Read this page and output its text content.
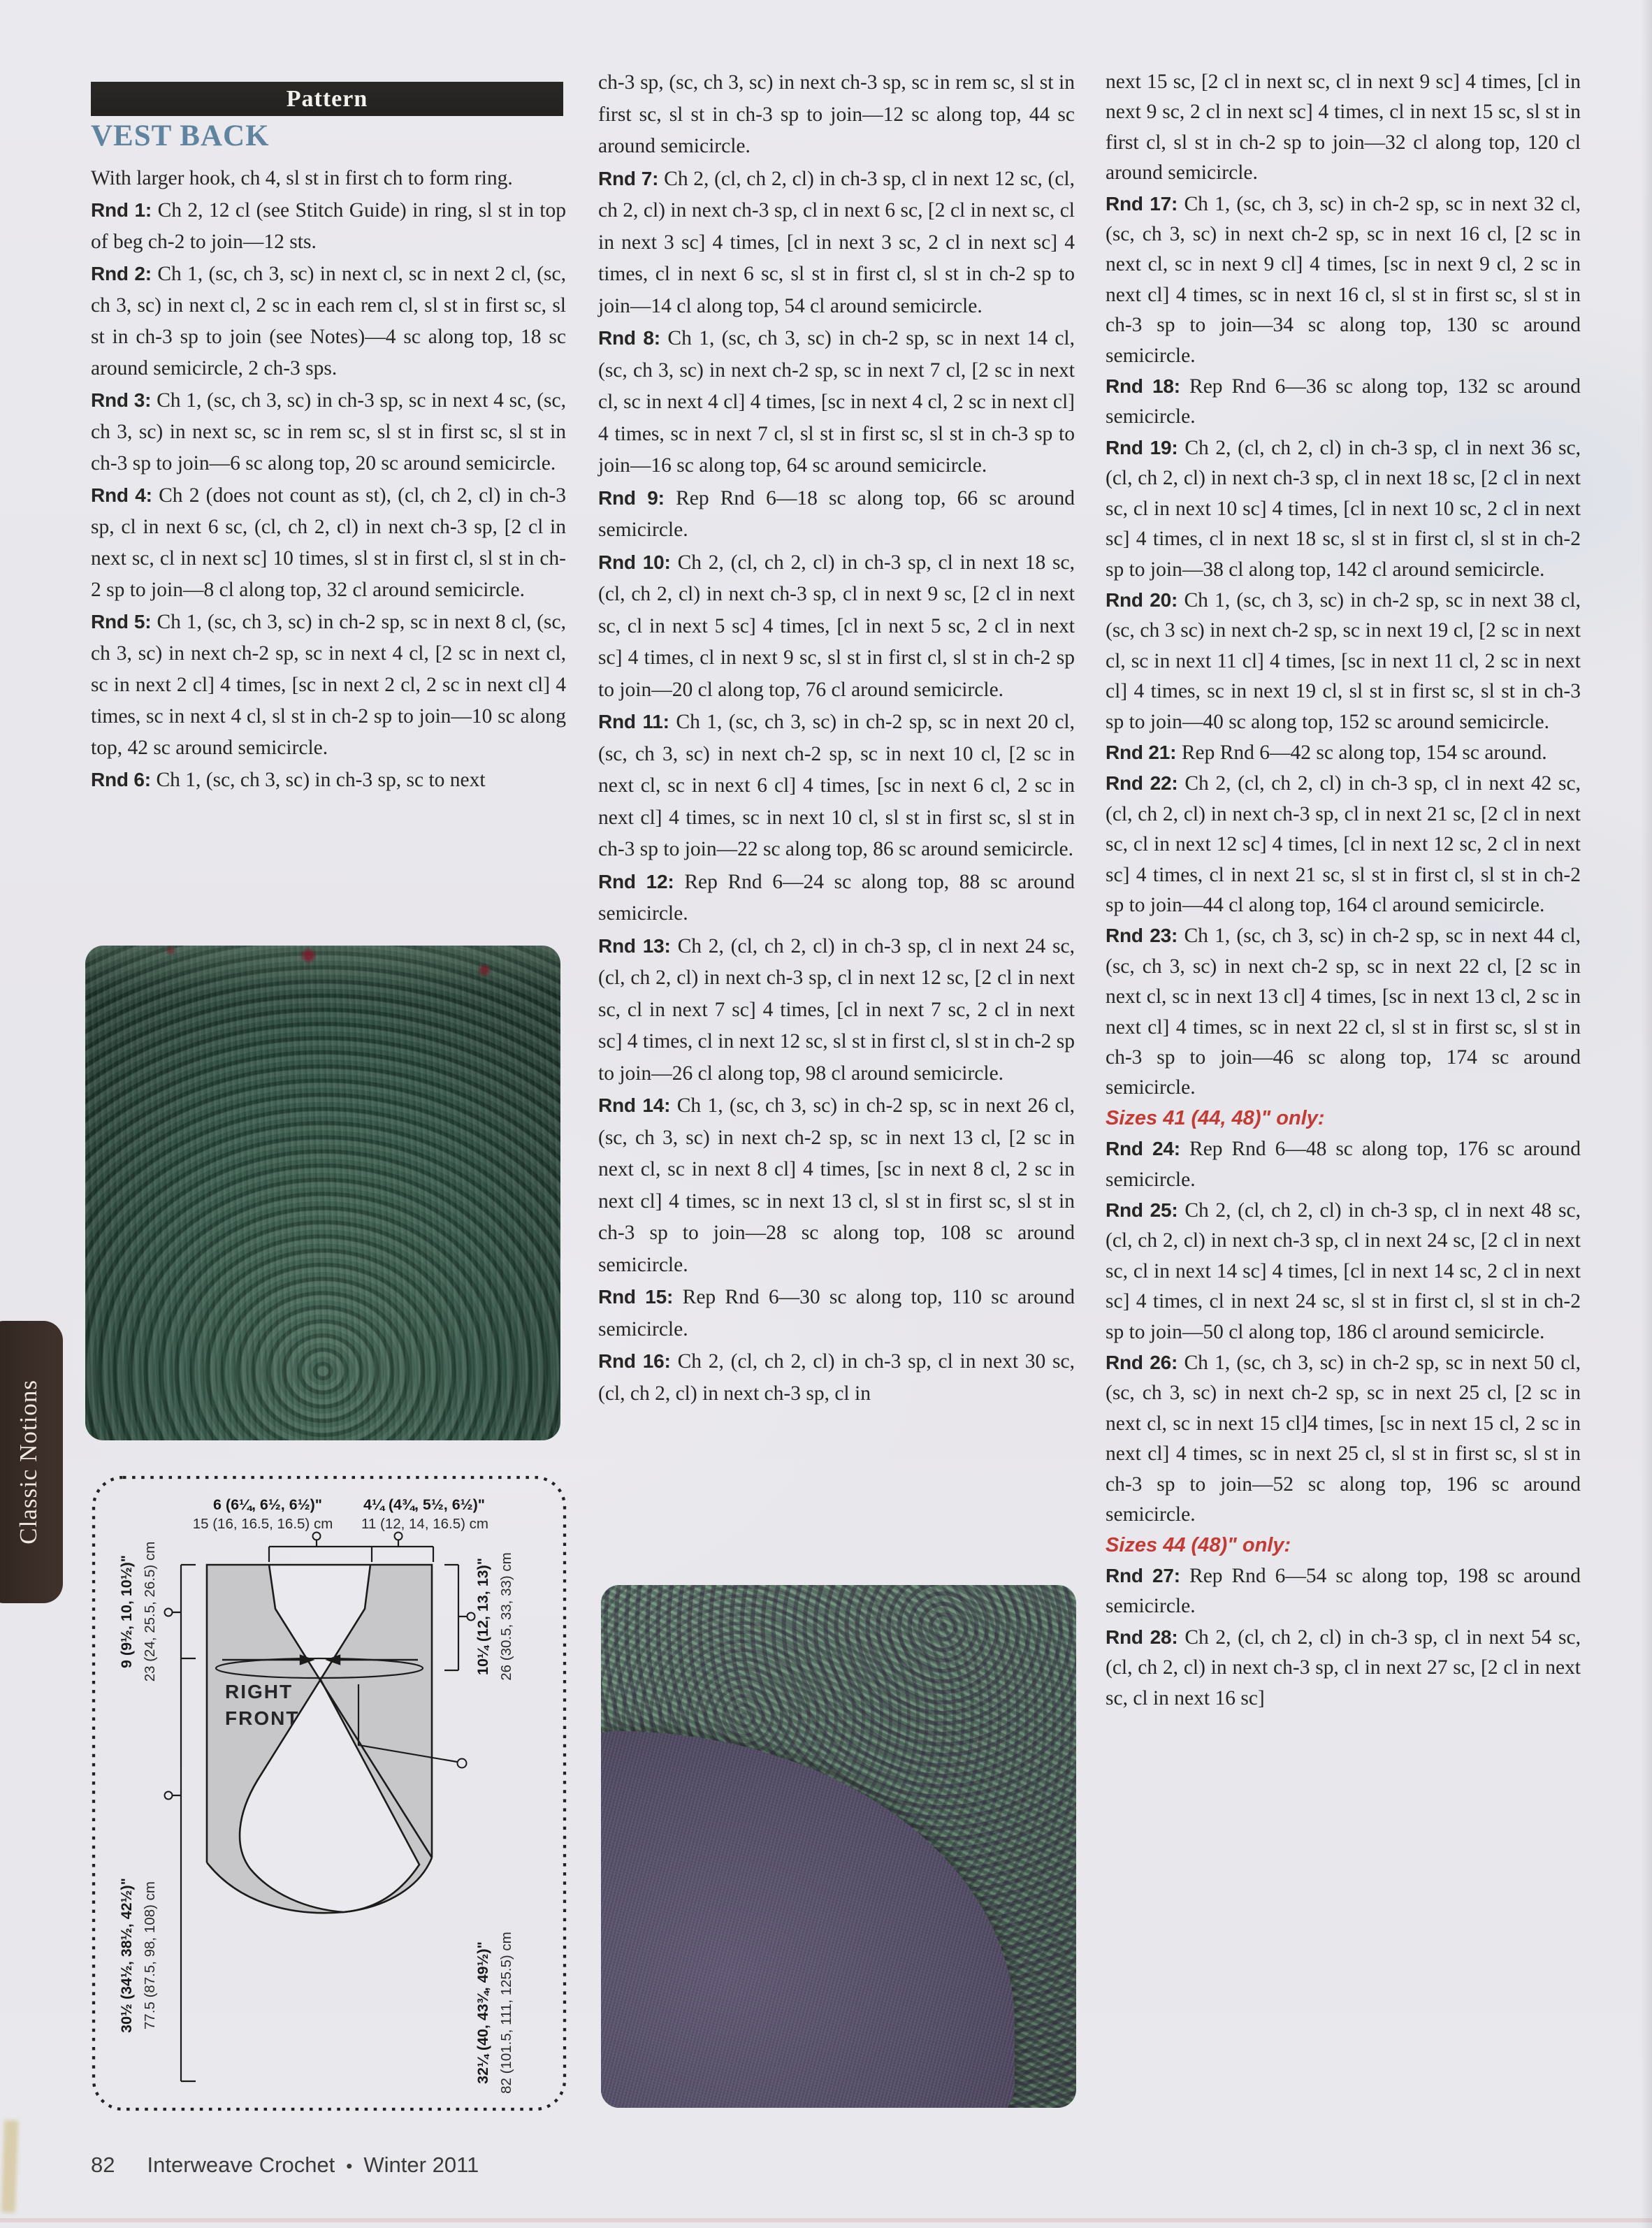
Classic Notions
Pattern
VEST BACK

With larger hook, ch 4, sl st in first ch to form ring.

Rnd 1: Ch 2, 12 cl (see Stitch Guide) in ring, sl st in top of beg ch-2 to join—12 sts.

Rnd 2: Ch 1, (sc, ch 3, sc) in next cl, sc in next 2 cl, (sc, ch 3, sc) in next cl, 2 sc in each rem cl, sl st in first sc, sl st in ch-3 sp to join (see Notes)—4 sc along top, 18 sc around semicircle, 2 ch-3 sps.

Rnd 3: Ch 1, (sc, ch 3, sc) in ch-3 sp, sc in next 4 sc, (sc, ch 3, sc) in next sc, sc in rem sc, sl st in first sc, sl st in ch-3 sp to join—6 sc along top, 20 sc around semicircle.

Rnd 4: Ch 2 (does not count as st), (cl, ch 2, cl) in ch-3 sp, cl in next 6 sc, (cl, ch 2, cl) in next ch-3 sp, [2 cl in next sc, cl in next sc] 10 times, sl st in first cl, sl st in ch-2 sp to join—8 cl along top, 32 cl around semicircle.

Rnd 5: Ch 1, (sc, ch 3, sc) in ch-2 sp, sc in next 8 cl, (sc, ch 3, sc) in next ch-2 sp, sc in next 4 cl, [2 sc in next cl, sc in next 2 cl] 4 times, [sc in next 2 cl, 2 sc in next cl] 4 times, sc in next 4 cl, sl st in ch-2 sp to join—10 sc along top, 42 sc around semicircle.

Rnd 6: Ch 1, (sc, ch 3, sc) in ch-3 sp, sc to next

ch-3 sp, (sc, ch 3, sc) in next ch-3 sp, sc in rem sc, sl st in first sc, sl st in ch-3 sp to join—12 sc along top, 44 sc around semicircle.

Rnd 7: Ch 2, (cl, ch 2, cl) in ch-3 sp, cl in next 12 sc, (cl, ch 2, cl) in next ch-3 sp, cl in next 6 sc, [2 cl in next sc, cl in next 3 sc] 4 times, [cl in next 3 sc, 2 cl in next sc] 4 times, cl in next 6 sc, sl st in first cl, sl st in ch-2 sp to join—14 cl along top, 54 cl around semicircle.

Rnd 8: Ch 1, (sc, ch 3, sc) in ch-2 sp, sc in next 14 cl, (sc, ch 3, sc) in next ch-2 sp, sc in next 7 cl, [2 sc in next cl, sc in next 4 cl] 4 times, [sc in next 4 cl, 2 sc in next cl] 4 times, sc in next 7 cl, sl st in first sc, sl st in ch-3 sp to join—16 sc along top, 64 sc around semicircle.

Rnd 9: Rep Rnd 6—18 sc along top, 66 sc around semicircle.

Rnd 10: Ch 2, (cl, ch 2, cl) in ch-3 sp, cl in next 18 sc, (cl, ch 2, cl) in next ch-3 sp, cl in next 9 sc, [2 cl in next sc, cl in next 5 sc] 4 times, [cl in next 5 sc, 2 cl in next sc] 4 times, cl in next 9 sc, sl st in first cl, sl st in ch-2 sp to join—20 cl along top, 76 cl around semicircle.

Rnd 11: Ch 1, (sc, ch 3, sc) in ch-2 sp, sc in next 20 cl, (sc, ch 3, sc) in next ch-2 sp, sc in next 10 cl, [2 sc in next cl, sc in next 6 cl] 4 times, [sc in next 6 cl, 2 sc in next cl] 4 times, sc in next 10 cl, sl st in first sc, sl st in ch-3 sp to join—22 sc along top, 86 sc around semicircle.

Rnd 12: Rep Rnd 6—24 sc along top, 88 sc around semicircle.

Rnd 13: Ch 2, (cl, ch 2, cl) in ch-3 sp, cl in next 24 sc, (cl, ch 2, cl) in next ch-3 sp, cl in next 12 sc, [2 cl in next sc, cl in next 7 sc] 4 times, [cl in next 7 sc, 2 cl in next sc] 4 times, cl in next 12 sc, sl st in first cl, sl st in ch-2 sp to join—26 cl along top, 98 cl around semicircle.

Rnd 14: Ch 1, (sc, ch 3, sc) in ch-2 sp, sc in next 26 cl, (sc, ch 3, sc) in next ch-2 sp, sc in next 13 cl, [2 sc in next cl, sc in next 8 cl] 4 times, [sc in next 8 cl, 2 sc in next cl] 4 times, sc in next 13 cl, sl st in first sc, sl st in ch-3 sp to join—28 sc along top, 108 sc around semicircle.

Rnd 15: Rep Rnd 6—30 sc along top, 110 sc around semicircle.

Rnd 16: Ch 2, (cl, ch 2, cl) in ch-3 sp, cl in next 30 sc, (cl, ch 2, cl) in next ch-3 sp, cl in

next 15 sc, [2 cl in next sc, cl in next 9 sc] 4 times, [cl in next 9 sc, 2 cl in next sc] 4 times, cl in next 15 sc, sl st in first cl, sl st in ch-2 sp to join—32 cl along top, 120 cl around semicircle.

Rnd 17: Ch 1, (sc, ch 3, sc) in ch-2 sp, sc in next 32 cl, (sc, ch 3, sc) in next ch-2 sp, sc in next 16 cl, [2 sc in next cl, sc in next 9 cl] 4 times, [sc in next 9 cl, 2 sc in next cl] 4 times, sc in next 16 cl, sl st in first sc, sl st in ch-3 sp to join—34 sc along top, 130 sc around semicircle.

Rnd 18: Rep Rnd 6—36 sc along top, 132 sc around semicircle.

Rnd 19: Ch 2, (cl, ch 2, cl) in ch-3 sp, cl in next 36 sc, (cl, ch 2, cl) in next ch-3 sp, cl in next 18 sc, [2 cl in next sc, cl in next 10 sc] 4 times, [cl in next 10 sc, 2 cl in next sc] 4 times, cl in next 18 sc, sl st in first cl, sl st in ch-2 sp to join—38 cl along top, 142 cl around semicircle.

Rnd 20: Ch 1, (sc, ch 3, sc) in ch-2 sp, sc in next 38 cl, (sc, ch 3 sc) in next ch-2 sp, sc in next 19 cl, [2 sc in next cl, sc in next 11 cl] 4 times, [sc in next 11 cl, 2 sc in next cl] 4 times, sc in next 19 cl, sl st in first sc, sl st in ch-3 sp to join—40 sc along top, 152 sc around semicircle.

Rnd 21: Rep Rnd 6—42 sc along top, 154 sc around.

Rnd 22: Ch 2, (cl, ch 2, cl) in ch-3 sp, cl in next 42 sc, (cl, ch 2, cl) in next ch-3 sp, cl in next 21 sc, [2 cl in next sc, cl in next 12 sc] 4 times, [cl in next 12 sc, 2 cl in next sc] 4 times, cl in next 21 sc, sl st in first cl, sl st in ch-2 sp to join—44 cl along top, 164 cl around semicircle.

Rnd 23: Ch 1, (sc, ch 3, sc) in ch-2 sp, sc in next 44 cl, (sc, ch 3, sc) in next ch-2 sp, sc in next 22 cl, [2 sc in next cl, sc in next 13 cl] 4 times, [sc in next 13 cl, 2 sc in next cl] 4 times, sc in next 22 cl, sl st in first sc, sl st in ch-3 sp to join—46 sc along top, 174 sc around semicircle.

Sizes 41 (44, 48)" only:

Rnd 24: Rep Rnd 6—48 sc along top, 176 sc around semicircle.

Rnd 25: Ch 2, (cl, ch 2, cl) in ch-3 sp, cl in next 48 sc, (cl, ch 2, cl) in next ch-3 sp, cl in next 24 sc, [2 cl in next sc, cl in next 14 sc] 4 times, [cl in next 14 sc, 2 cl in next sc] 4 times, cl in next 24 sc, sl st in first cl, sl st in ch-2 sp to join—50 cl along top, 186 cl around semicircle.

Rnd 26: Ch 1, (sc, ch 3, sc) in ch-2 sp, sc in next 50 cl, (sc, ch 3, sc) in next ch-2 sp, sc in next 25 cl, [2 sc in next cl, sc in next 15 cl]4 times, [sc in next 15 cl, 2 sc in next cl] 4 times, sc in next 25 cl, sl st in first sc, sl st in ch-3 sp to join—52 sc along top, 196 sc around semicircle.

Sizes 44 (48)" only:

Rnd 27: Rep Rnd 6—54 sc along top, 198 sc around semicircle.

Rnd 28: Ch 2, (cl, ch 2, cl) in ch-3 sp, cl in next 54 sc, (cl, ch 2, cl) in next ch-3 sp, cl in next 27 sc, [2 cl in next sc, cl in next 16 sc]

RIGHT
FRONT
6 (6¼, 6½, 6½)"
15 (16, 16.5, 16.5) cm
4¼ (4¾, 5½, 6½)"
11 (12, 14, 16.5) cm
9 (9½, 10, 10½)" 23 (24, 25.5, 26.5) cm
30½ (34½, 38½, 42½)" 77.5 (87.5, 98, 108) cm
10¼ (12, 13, 13)" 26 (30.5, 33, 33) cm
32¼ (40, 43¾, 49½)" 82 (101.5, 111, 125.5) cm
82 Interweave Crochet • Winter 2011
